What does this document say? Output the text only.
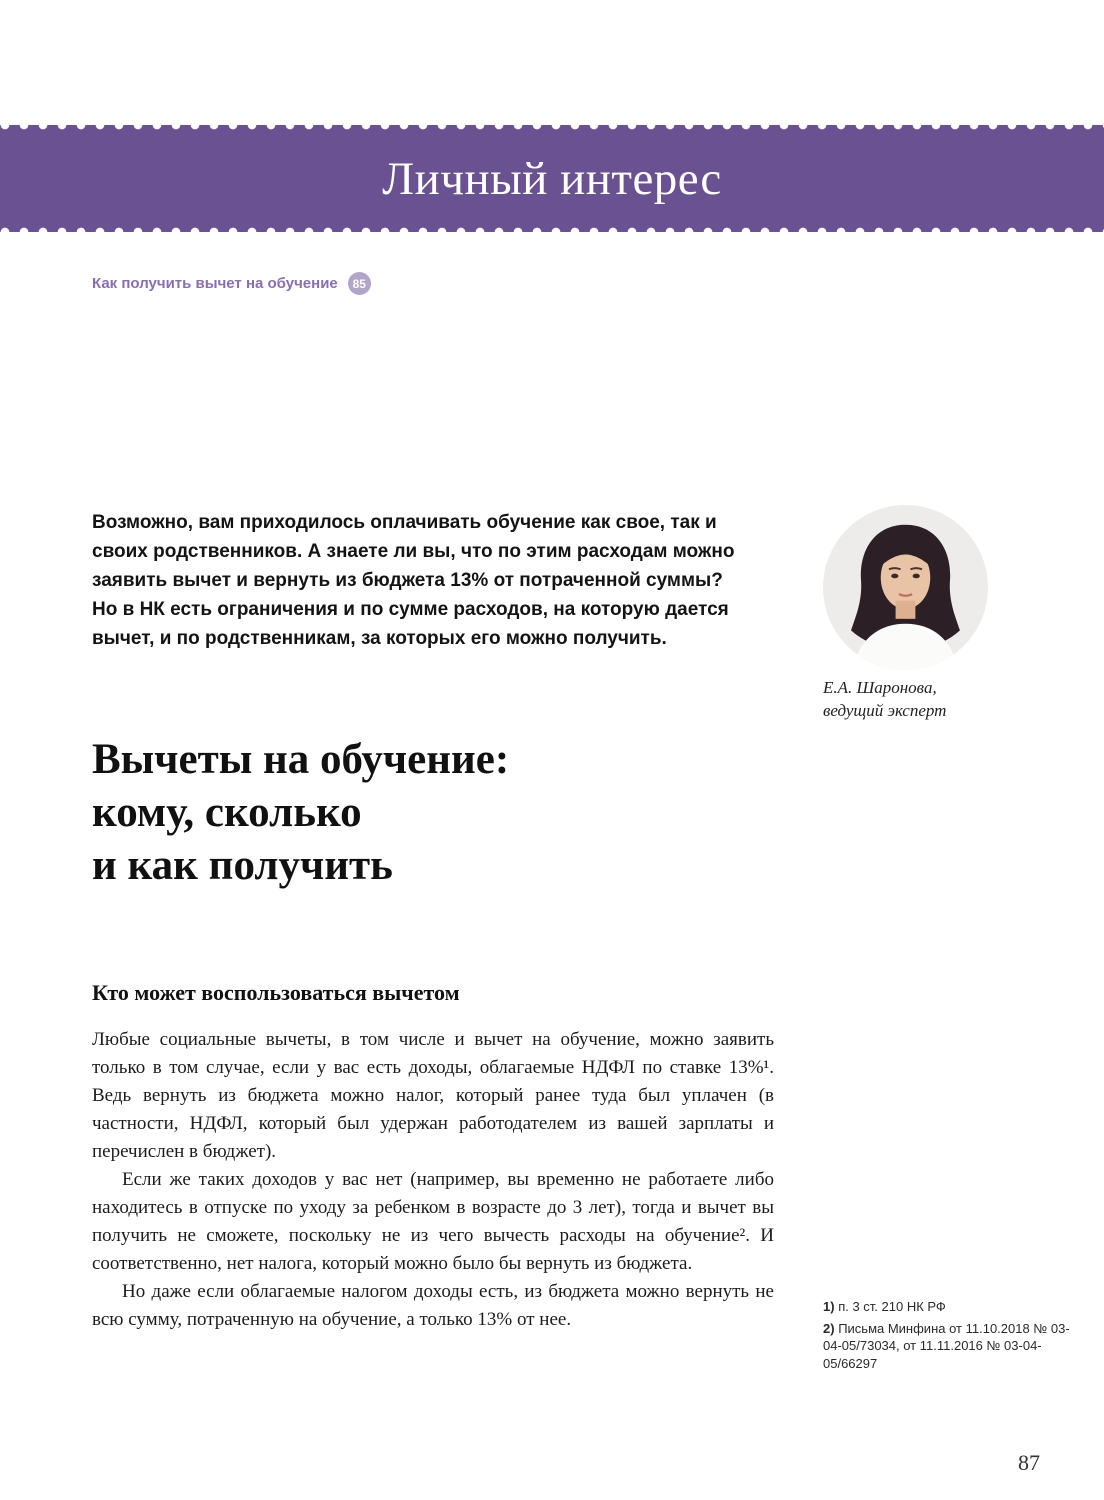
Личный интерес
Как получить вычет на обучение	85
Возможно, вам приходилось оплачивать обучение как свое, так и своих родственников. А знаете ли вы, что по этим расходам можно заявить вычет и вернуть из бюджета 13% от потраченной суммы? Но в НК есть ограничения и по сумме расходов, на которую дается вычет, и по родственникам, за которых его можно получить.
Е.А. Шаронова,
ведущий эксперт
Вычеты на обучение:
кому, сколько
и как получить
Кто может воспользоваться вычетом

Любые социальные вычеты, в том числе и вычет на обучение, можно заявить только в том случае, если у вас есть доходы, облагаемые НДФЛ по ставке 13%¹. Ведь вернуть из бюджета можно налог, который ранее туда был уплачен (в частности, НДФЛ, который был удержан работодателем из вашей зарплаты и перечислен в бюджет).

Если же таких доходов у вас нет (например, вы временно не работаете либо находитесь в отпуске по уходу за ребенком в возрасте до 3 лет), тогда и вычет вы получить не сможете, поскольку не из чего вычесть расходы на обучение². И соответственно, нет налога, который можно было бы вернуть из бюджета.

Но даже если облагаемые налогом доходы есть, из бюджета можно вернуть не всю сумму, потраченную на обучение, а только 13% от нее.

1) п. 3 ст. 210 НК РФ

2) Письма Минфина от 11.10.2018 № 03-04-05/73034, от 11.11.2016 № 03-04-05/66297

87
